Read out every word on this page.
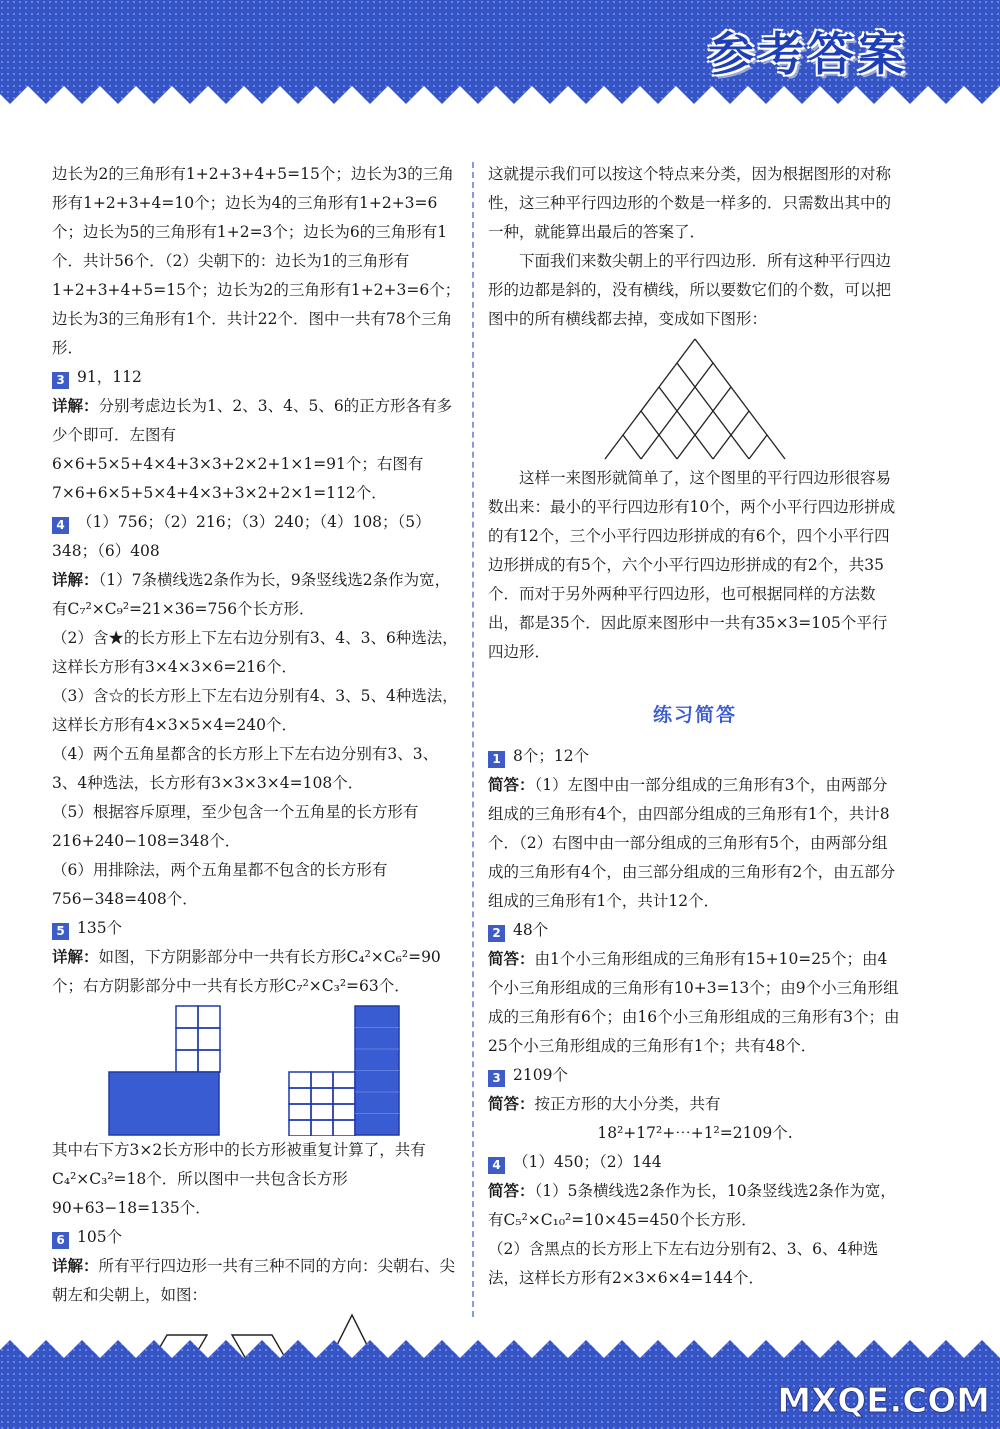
参考答案

边长为2的三角形有1+2+3+4+5=15个；边长为3的三角形有1+2+3+4=10个；边长为4的三角形有1+2+3=6个；边长为5的三角形有1+2=3个；边长为6的三角形有1个．共计56个．（2）尖朝下的：边长为1的三角形有1+2+3+4+5=15个；边长为2的三角形有1+2+3=6个；边长为3的三角形有1个．共计22个．图中一共有78个三角形．

3 91，112

详解：分别考虑边长为1、2、3、4、5、6的正方形各有多少个即可．左图有6×6+5×5+4×4+3×3+2×2+1×1=91个；右图有7×6+6×5+5×4+4×3+3×2+2×1=112个．

4 （1）756；（2）216；（3）240；（4）108；（5）348；（6）408

详解：（1）7条横线选2条作为长，9条竖线选2条作为宽，有C₇²×C₉²=21×36=756个长方形．

（2）含★的长方形上下左右边分别有3、4、3、6种选法，这样长方形有3×4×3×6=216个．

（3）含☆的长方形上下左右边分别有4、3、5、4种选法，这样长方形有4×3×5×4=240个．

（4）两个五角星都含的长方形上下左右边分别有3、3、3、4种选法，长方形有3×3×3×4=108个．

（5）根据容斥原理，至少包含一个五角星的长方形有216+240−108=348个．

（6）用排除法，两个五角星都不包含的长方形有756−348=408个．

5 135个

详解：如图，下方阴影部分中一共有长方形C₄²×C₆²=90个；右方阴影部分中一共有长方形C₇²×C₃²=63个．

其中右下方3×2长方形中的长方形被重复计算了，共有C₄²×C₃²=18个．所以图中一共包含长方形90+63−18=135个．

6 105个

详解：所有平行四边形一共有三种不同的方向：尖朝右、尖朝左和尖朝上，如图：

这就提示我们可以按这个特点来分类，因为根据图形的对称性，这三种平行四边形的个数是一样多的．只需数出其中的一种，就能算出最后的答案了．

下面我们来数尖朝上的平行四边形．所有这种平行四边形的边都是斜的，没有横线，所以要数它们的个数，可以把图中的所有横线都去掉，变成如下图形：

这样一来图形就简单了，这个图里的平行四边形很容易数出来：最小的平行四边形有10个，两个小平行四边形拼成的有12个，三个小平行四边形拼成的有6个，四个小平行四边形拼成的有5个，六个小平行四边形拼成的有2个，共35个．而对于另外两种平行四边形，也可根据同样的方法数出，都是35个．因此原来图形中一共有35×3=105个平行四边形．

练习简答

1 8个；12个

简答：（1）左图中由一部分组成的三角形有3个，由两部分组成的三角形有4个，由四部分组成的三角形有1个，共计8个．（2）右图中由一部分组成的三角形有5个，由两部分组成的三角形有4个，由三部分组成的三角形有2个，由五部分组成的三角形有1个，共计12个．

2 48个

简答：由1个小三角形组成的三角形有15+10=25个；由4个小三角形组成的三角形有10+3=13个；由9个小三角形组成的三角形有6个；由16个小三角形组成的三角形有3个；由25个小三角形组成的三角形有1个；共有48个．

3 2109个

简答：按正方形的大小分类，共有

18²+17²+⋯+1²=2109个.

4 （1）450；（2）144

简答：（1）5条横线选2条作为长，10条竖线选2条作为宽，有C₅²×C₁₀²=10×45=450个长方形．

（2）含黑点的长方形上下左右边分别有2、3、6、4种选法，这样长方形有2×3×6×4=144个．

MXQE.COM
